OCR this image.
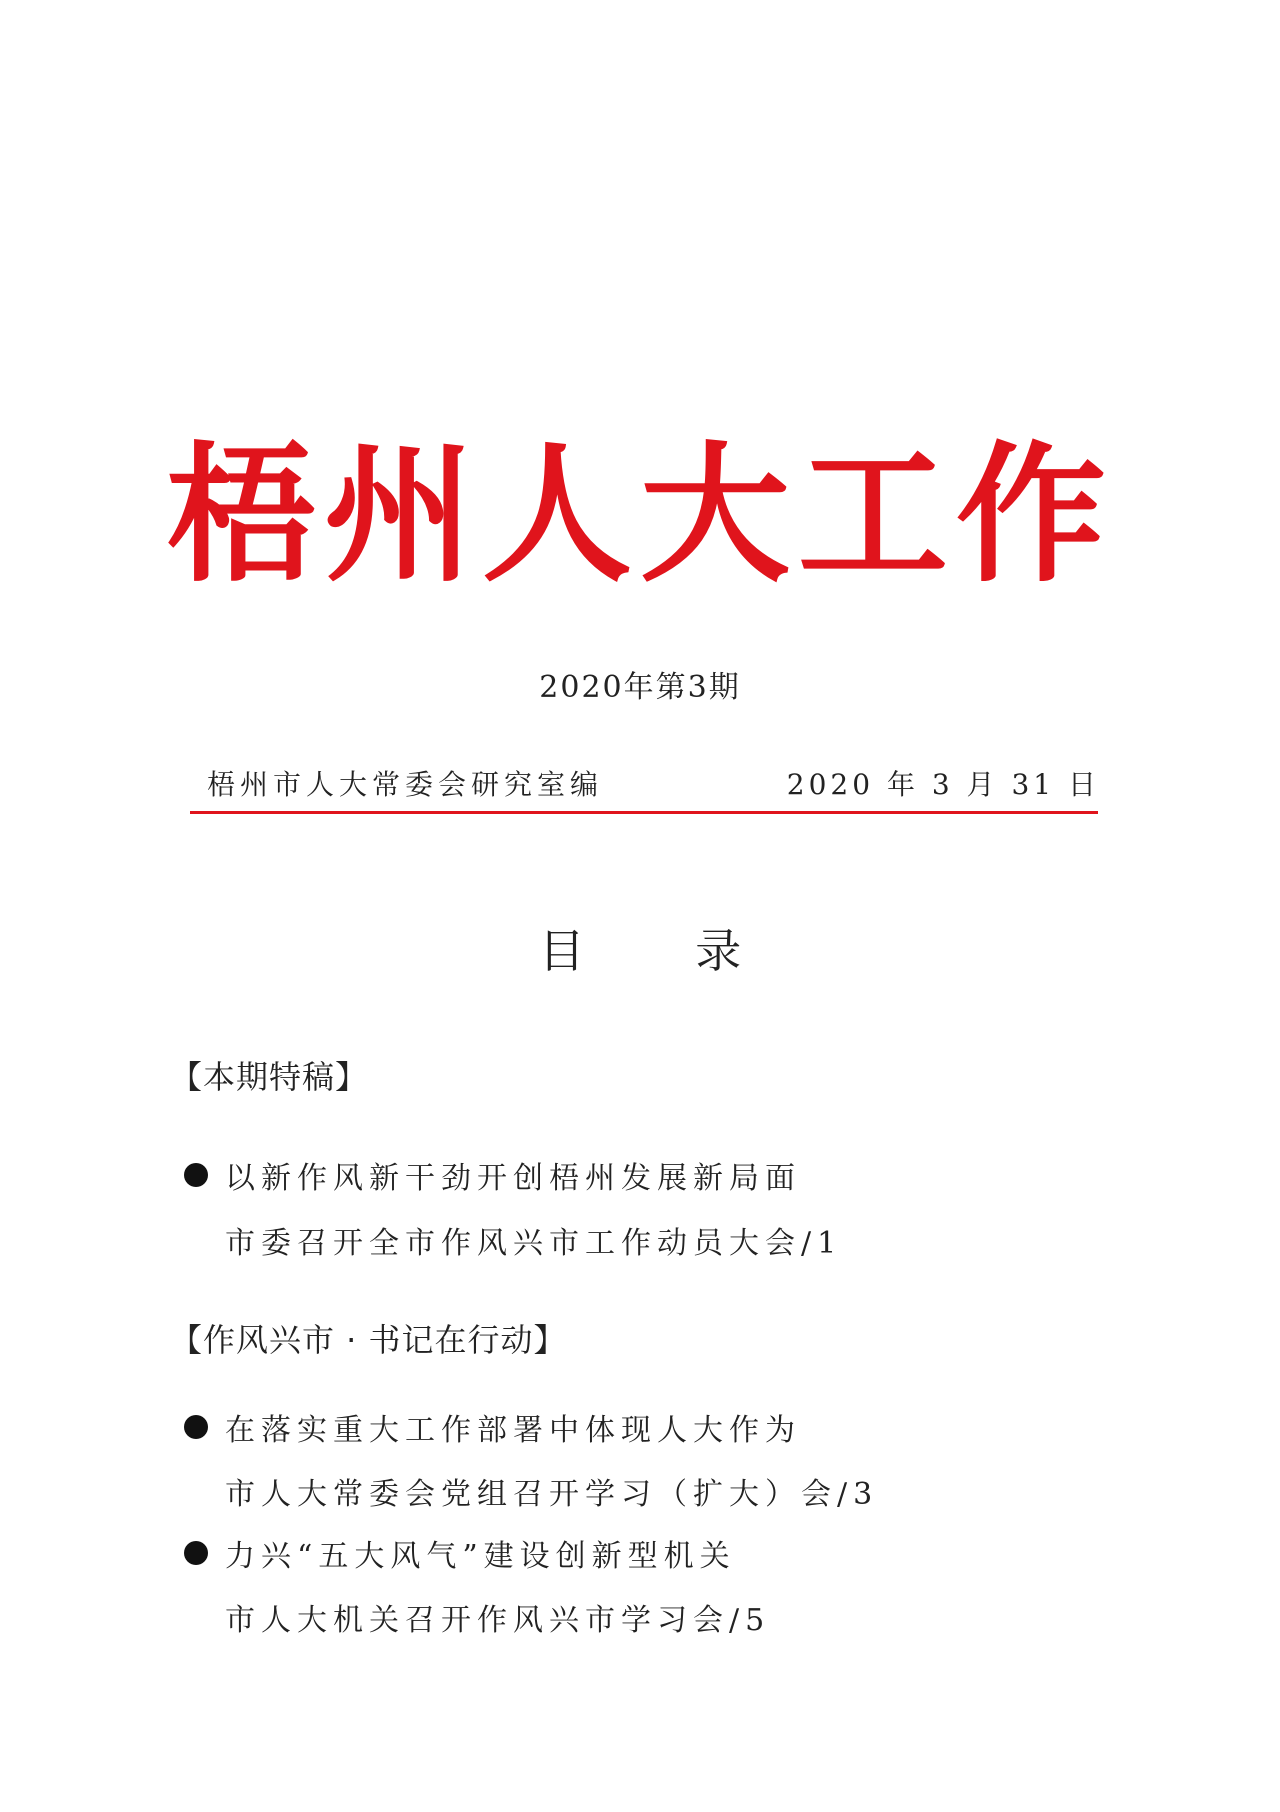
梧州人大工作
2020年第3期
梧州市人大常委会研究室编	2020 年 3 月 31 日
目 录
【本期特稿】
以新作风新干劲开创梧州发展新局面
市委召开全市作风兴市工作动员大会/1
【作风兴市 · 书记在行动】
在落实重大工作部署中体现人大作为
市人大常委会党组召开学习（扩大）会/3
力兴“五大风气”建设创新型机关
市人大机关召开作风兴市学习会/5
